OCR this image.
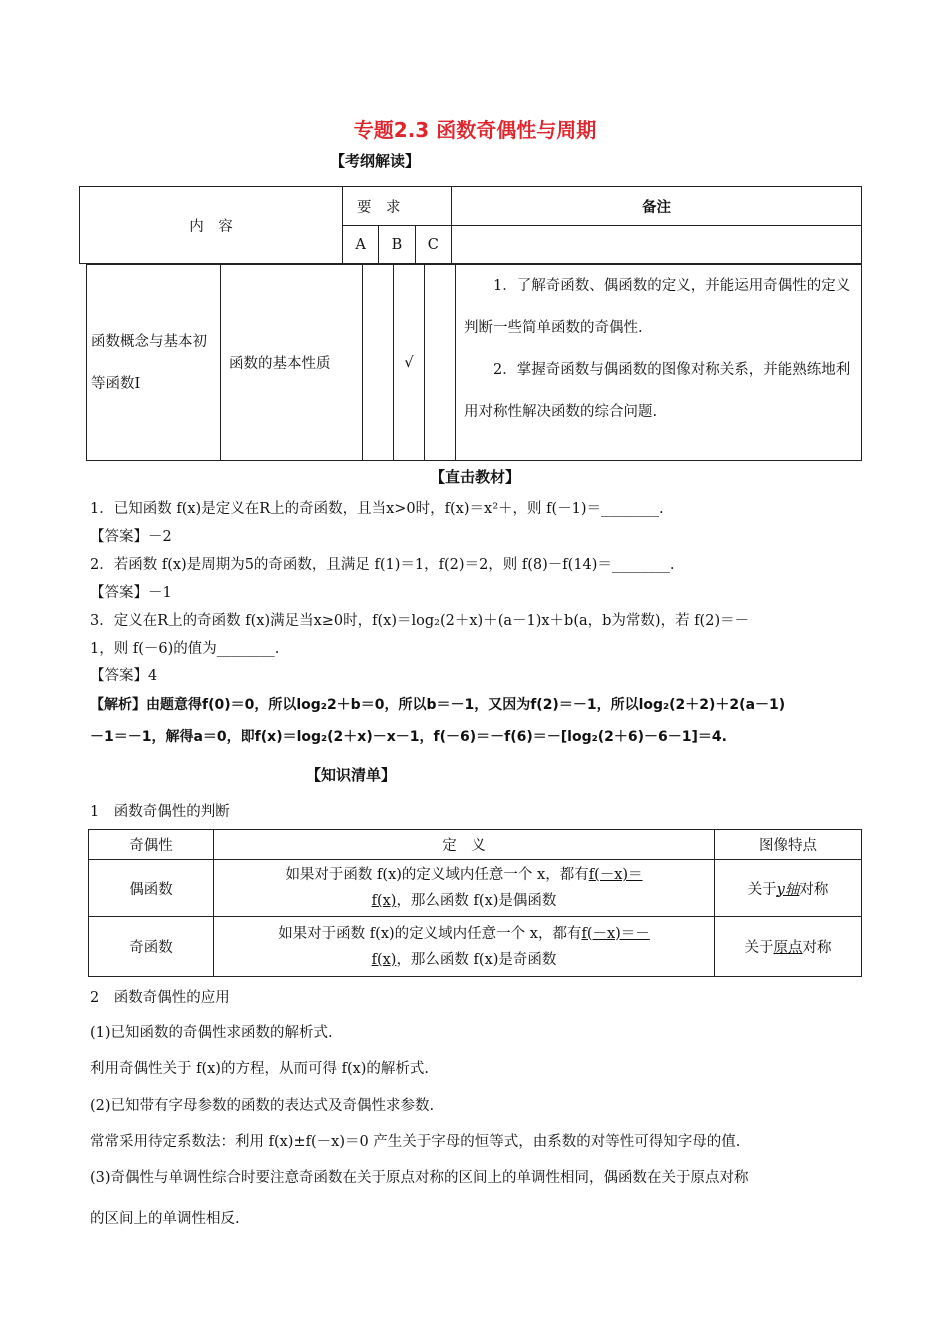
专题2.3 函数奇偶性与周期
【考纲解读】
内　容	要　求			备注
	A	B	C	
函数概念与基本初等函数Ⅰ	函数的基本性质		√		
1．了解奇函数、偶函数的定义，并能运用奇偶性的定义判断一些简单函数的奇偶性.
2．掌握奇函数与偶函数的图像对称关系，并能熟练地利用对称性解决函数的综合问题.
【直击教材】
1．已知函数 f(x)是定义在R上的奇函数，且当x>0时，f(x)＝x²＋，则 f(－1)＝________.
【答案】－2
2．若函数 f(x)是周期为5的奇函数，且满足 f(1)＝1，f(2)＝2，则 f(8)－f(14)＝________.
【答案】－1
3．定义在R上的奇函数 f(x)满足当x≥0时，f(x)＝log₂(2＋x)＋(a－1)x＋b(a，b为常数)，若 f(2)＝－
1，则 f(－6)的值为________.
【答案】4
【解析】由题意得f(0)＝0，所以log₂2＋b＝0，所以b＝－1，又因为f(2)＝－1，所以log₂(2＋2)＋2(a－1)
－1＝－1，解得a＝0，即f(x)＝log₂(2＋x)－x－1，f(－6)＝－f(6)＝－[log₂(2＋6)－6－1]＝4.
【知识清单】
1　函数奇偶性的判断
奇偶性	定　义	图像特点
偶函数	如果对于函数 f(x)的定义域内任意一个 x，都有f(－x)＝
f(x)，那么函数 f(x)是偶函数	关于y轴对称
奇函数	如果对于函数 f(x)的定义域内任意一个 x，都有f(－x)＝－
f(x)，那么函数 f(x)是奇函数	关于原点对称
2　函数奇偶性的应用
(1)已知函数的奇偶性求函数的解析式.
利用奇偶性关于 f(x)的方程，从而可得 f(x)的解析式.
(2)已知带有字母参数的函数的表达式及奇偶性求参数.
常常采用待定系数法：利用 f(x)±f(－x)＝0 产生关于字母的恒等式，由系数的对等性可得知字母的值.
(3)奇偶性与单调性综合时要注意奇函数在关于原点对称的区间上的单调性相同，偶函数在关于原点对称
的区间上的单调性相反.
